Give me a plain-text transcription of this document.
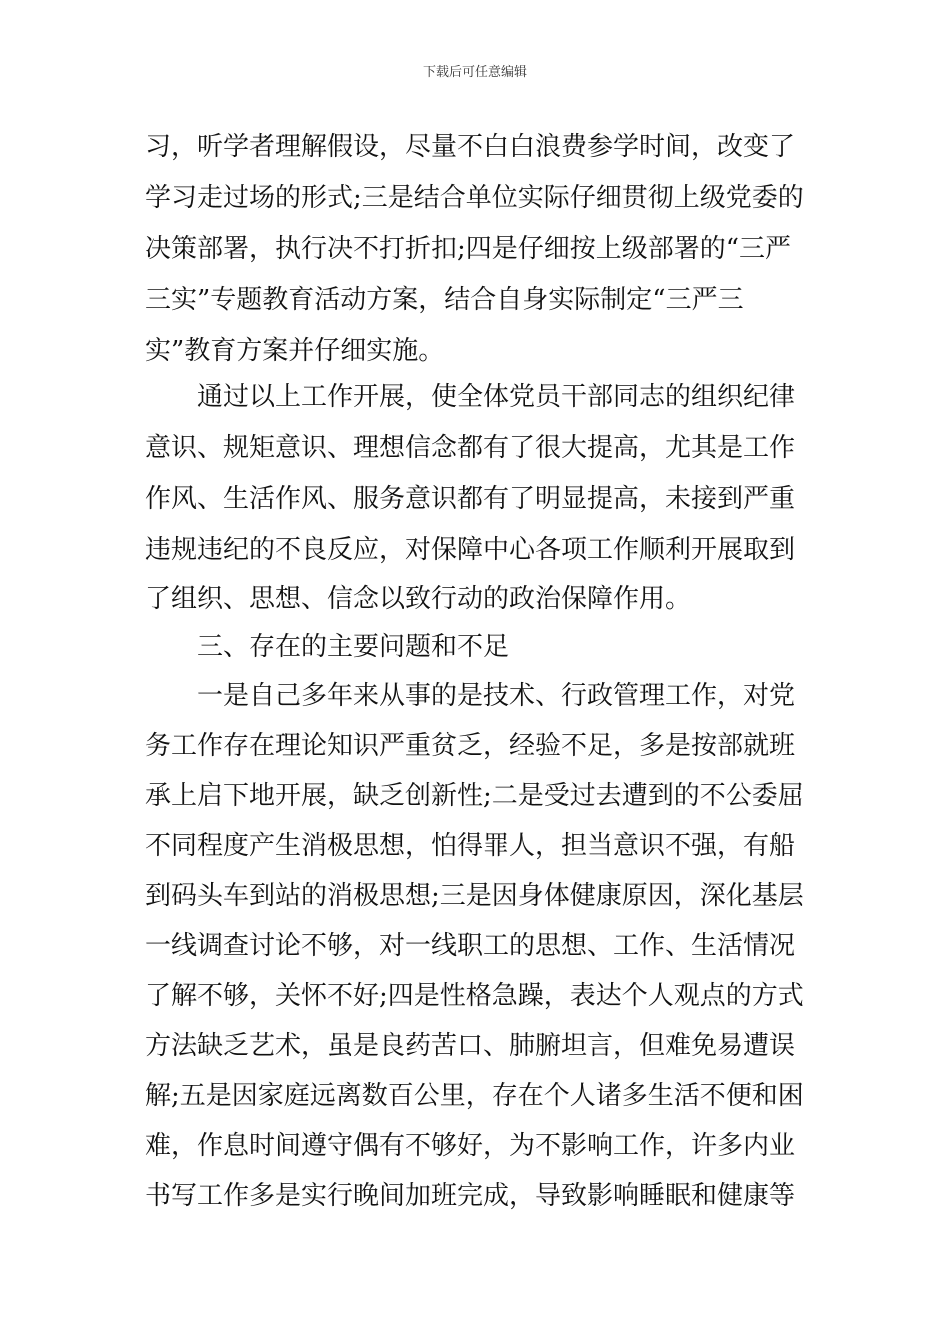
下载后可任意编辑
习，听学者理解假设，尽量不白白浪费参学时间，改变了
学习走过场的形式;三是结合单位实际仔细贯彻上级党委的
决策部署，执行决不打折扣;四是仔细按上级部署的“三严
三实”专题教育活动方案，结合自身实际制定“三严三
实”教育方案并仔细实施。
通过以上工作开展，使全体党员干部同志的组织纪律
意识、规矩意识、理想信念都有了很大提高，尤其是工作
作风、生活作风、服务意识都有了明显提高，未接到严重
违规违纪的不良反应，对保障中心各项工作顺利开展取到
了组织、思想、信念以致行动的政治保障作用。
三、存在的主要问题和不足
一是自己多年来从事的是技术、行政管理工作，对党
务工作存在理论知识严重贫乏，经验不足，多是按部就班
承上启下地开展，缺乏创新性;二是受过去遭到的不公委屈
不同程度产生消极思想，怕得罪人，担当意识不强，有船
到码头车到站的消极思想;三是因身体健康原因，深化基层
一线调查讨论不够，对一线职工的思想、工作、生活情况
了解不够，关怀不好;四是性格急躁，表达个人观点的方式
方法缺乏艺术，虽是良药苦口、肺腑坦言，但难免易遭误
解;五是因家庭远离数百公里，存在个人诸多生活不便和困
难，作息时间遵守偶有不够好，为不影响工作，许多内业
书写工作多是实行晚间加班完成，导致影响睡眠和健康等
